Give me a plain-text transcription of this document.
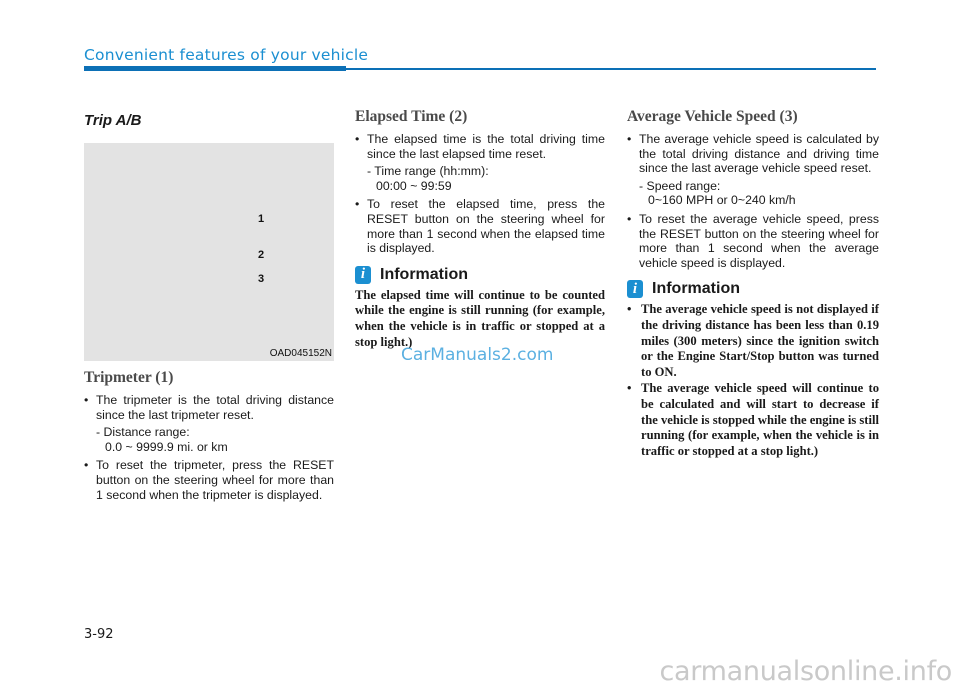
Convenient features of your vehicle
Trip A/B
1
2
3
OAD045152N
Tripmeter (1)
• The tripmeter is the total driving distance since the last tripmeter reset.
- Distance range:
0.0 ~ 9999.9 mi. or km
• To reset the tripmeter, press the RESET button on the steering wheel for more than 1 second when the tripmeter is displayed.
Elapsed Time (2)
• The elapsed time is the total driving time since the last elapsed time reset.
- Time range (hh:mm):
00:00 ~ 99:59
• To reset the elapsed time, press the RESET button on the steering wheel for more than 1 second when the elapsed time is displayed.
i Information

The elapsed time will continue to be counted while the engine is still running (for example, when the vehicle is in traffic or stopped at a stop light.)

Average Vehicle Speed (3)
• The average vehicle speed is calculated by the total driving distance and driving time since the last average vehicle speed reset.
- Speed range:
0~160 MPH or 0~240 km/h
• To reset the average vehicle speed, press the RESET button on the steering wheel for more than 1 second when the average vehicle speed is displayed.
i Information
• The average vehicle speed is not displayed if the driving distance has been less than 0.19 miles (300 meters) since the ignition switch or the Engine Start/Stop button was turned to ON.
• The average vehicle speed will continue to be calculated and will start to decrease if the vehicle is stopped while the engine is still running (for example, when the vehicle is in traffic or stopped at a stop light.)
CarManuals2.com
3-92
carmanualsonline.info
